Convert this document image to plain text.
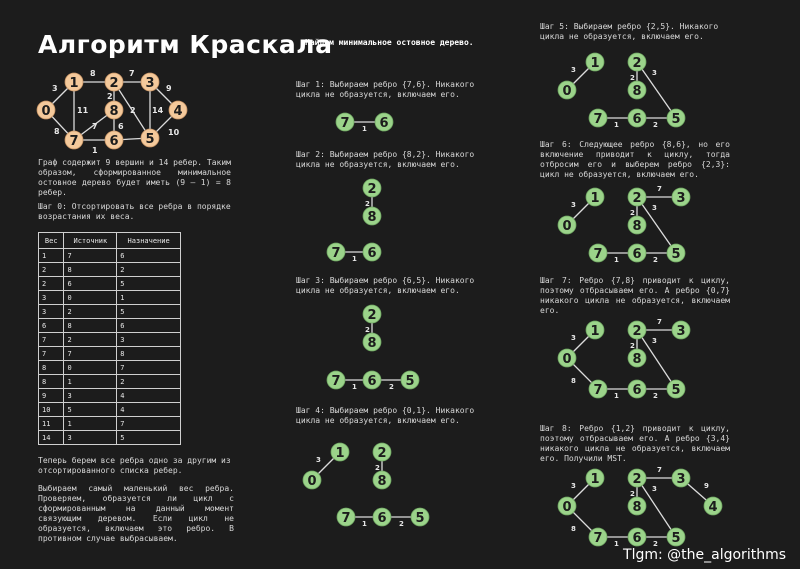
Алгоритм Краскала
Найдем минимальное остовное дерево.
3
8	7
9
11
2
14
7	6
2
1
10
8
0
1 2 3
4
5
6
7
8
Граф содержит 9 вершин и 14 ребер. Таким образом, сформированное минимальное остовное дерево будет иметь (9 – 1) = 8 ребер.
Шаг 0: Отсортировать все ребра в порядке возрастания их веса.
Вес	Источник	Назначение
1	7	6
2	8	2
2	6	5
3	0	1
3	2	5
6	8	6
7	2	3
7	7	8
8	0	7
8	1	2
9	3	4
10	5	4
11	1	7
14	3	5
Теперь берем все ребра одно за другим из отсортированного списка ребер.
Выбираем самый маленький вес ребра. Проверяем, образуется ли цикл с сформированным на данный момент связующим деревом. Если цикл не образуется, включаем это ребро. В противном случае выбрасываем.
Шаг 1: Выбираем ребро {7,6}. Никакого цикла не образуется, включаем его.
Шаг 2: Выбираем ребро {8,2}. Никакого цикла не образуется, включаем его.
Шаг 3: Выбираем ребро {6,5}. Никакого цикла не образуется, включаем его.
Шаг 4: Выбираем ребро {0,1}. Никакого цикла не образуется, включаем его.
Шаг 5: Выбираем ребро {2,5}. Никакого цикла не образуется, включаем его.
Шаг 6: Следующее ребро {8,6}, но его включение приводит к циклу, тогда отбросим его и выберем ребро {2,3}: цикл не образуется, включаем его.
Шаг 7: Ребро {7,8} приводит к циклу, поэтому отбрасываем его. А ребро {0,7} никакого цикла не образуется, включаем его.
Шаг 8: Ребро {1,2} приводит к циклу, поэтому отбрасываем его. А ребро {3,4} никакого цикла не образуется, включаем его. Получили MST.
1
7 6
2
1
2
8
7 6
2
1	2
2
8
7 6 5
3
2
1	2
0
1	2
8
7 6 5
3
2
3
1	2
0
1	2
8
7 6 5
3
7
2
3
1	2
0
1	2	3
8
7 6 5
3
8
7
2
3
1	2
0
1	2	3
8
7 6 5
3
8
7
9
2
3
1	2
0
1	2	3
4
8
7 6 5
Tlgm: @the_algorithms
